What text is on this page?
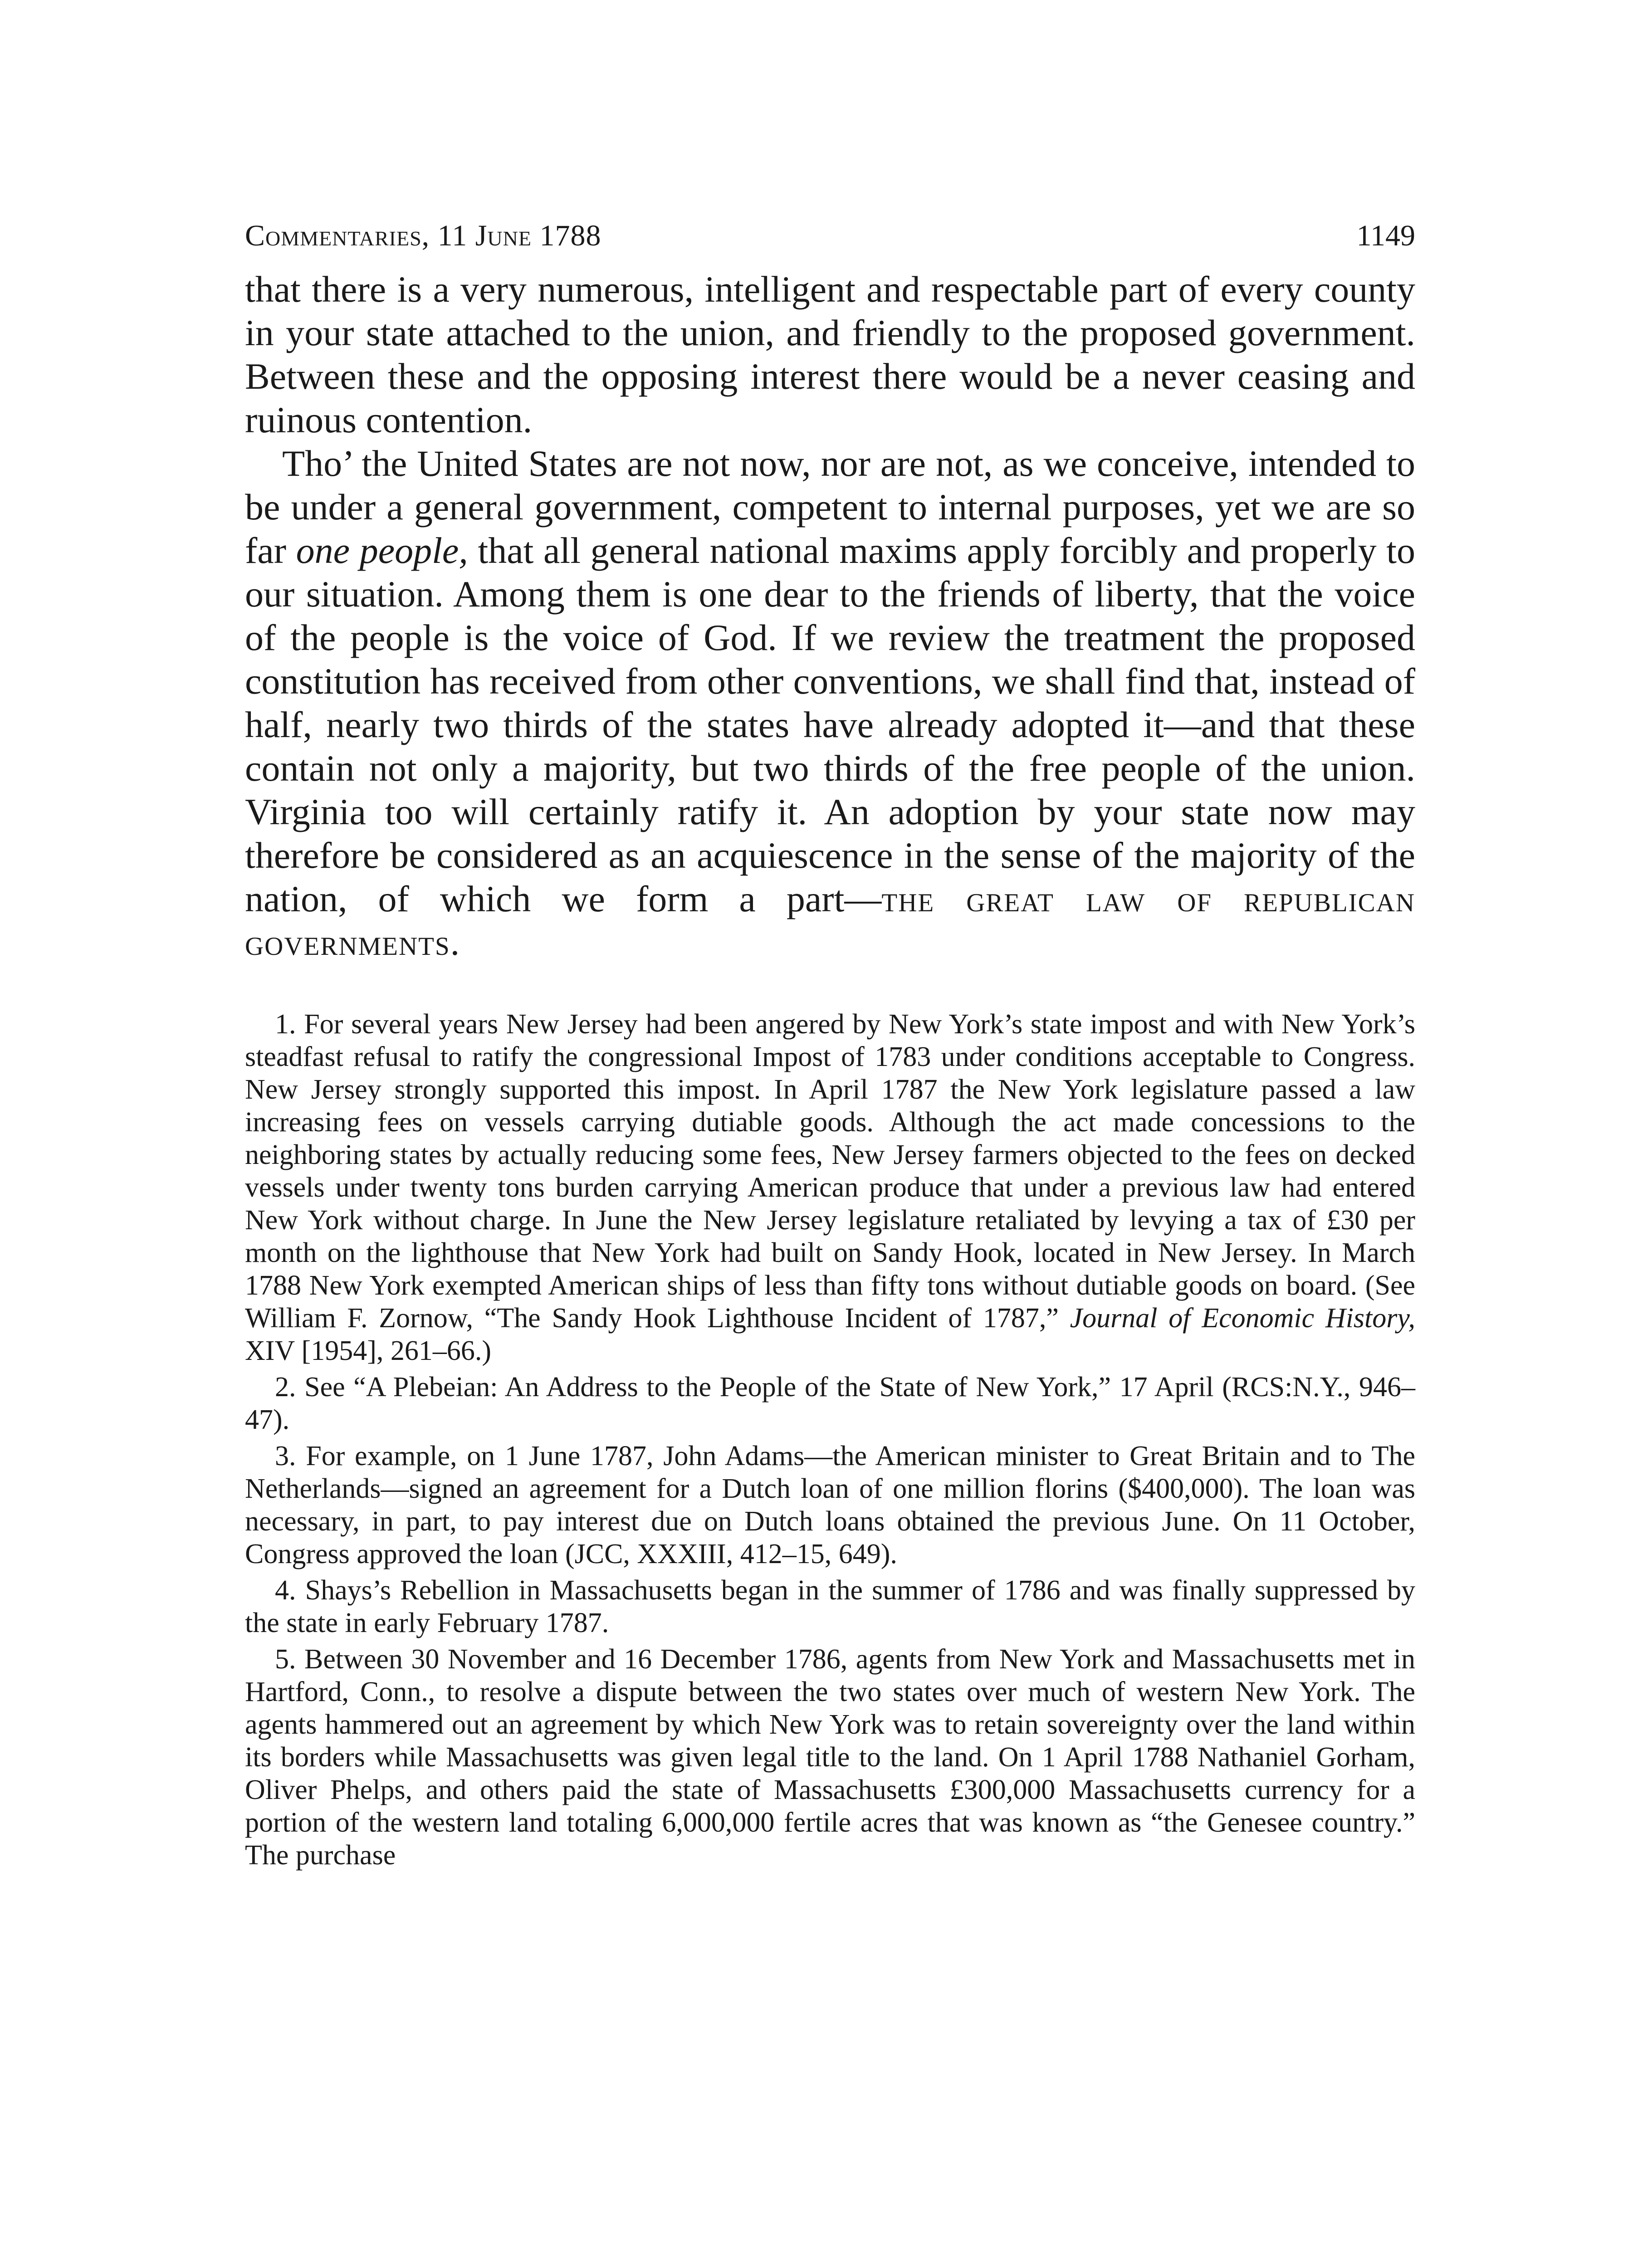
Commentaries, 11 June 1788	1149

that there is a very numerous, intelligent and respectable part of every county in your state attached to the union, and friendly to the proposed government. Between these and the opposing interest there would be a never ceasing and ruinous contention.

Tho’ the United States are not now, nor are not, as we conceive, intended to be under a general government, competent to internal purposes, yet we are so far one people, that all general national maxims apply forcibly and properly to our situation. Among them is one dear to the friends of liberty, that the voice of the people is the voice of God. If we review the treatment the proposed constitution has received from other conventions, we shall find that, instead of half, nearly two thirds of the states have already adopted it—and that these contain not only a majority, but two thirds of the free people of the union. Virginia too will certainly ratify it. An adoption by your state now may therefore be considered as an acquiescence in the sense of the majority of the nation, of which we form a part—the great law of republican governments.

1. For several years New Jersey had been angered by New York’s state impost and with New York’s steadfast refusal to ratify the congressional Impost of 1783 under conditions acceptable to Congress. New Jersey strongly supported this impost. In April 1787 the New York legislature passed a law increasing fees on vessels carrying dutiable goods. Although the act made concessions to the neighboring states by actually reducing some fees, New Jersey farmers objected to the fees on decked vessels under twenty tons burden carrying American produce that under a previous law had entered New York without charge. In June the New Jersey legislature retaliated by levying a tax of £30 per month on the lighthouse that New York had built on Sandy Hook, located in New Jersey. In March 1788 New York exempted American ships of less than fifty tons without dutiable goods on board. (See William F. Zornow, “The Sandy Hook Lighthouse Incident of 1787,” Journal of Economic History, XIV [1954], 261–66.)

2. See “A Plebeian: An Address to the People of the State of New York,” 17 April (RCS:N.Y., 946–47).

3. For example, on 1 June 1787, John Adams—the American minister to Great Britain and to The Netherlands—signed an agreement for a Dutch loan of one million florins ($400,000). The loan was necessary, in part, to pay interest due on Dutch loans obtained the previous June. On 11 October, Congress approved the loan (JCC, XXXIII, 412–15, 649).

4. Shays’s Rebellion in Massachusetts began in the summer of 1786 and was finally suppressed by the state in early February 1787.

5. Between 30 November and 16 December 1786, agents from New York and Massachusetts met in Hartford, Conn., to resolve a dispute between the two states over much of western New York. The agents hammered out an agreement by which New York was to retain sovereignty over the land within its borders while Massachusetts was given legal title to the land. On 1 April 1788 Nathaniel Gorham, Oliver Phelps, and others paid the state of Massachusetts £300,000 Massachusetts currency for a portion of the western land totaling 6,000,000 fertile acres that was known as “the Genesee country.” The purchase
